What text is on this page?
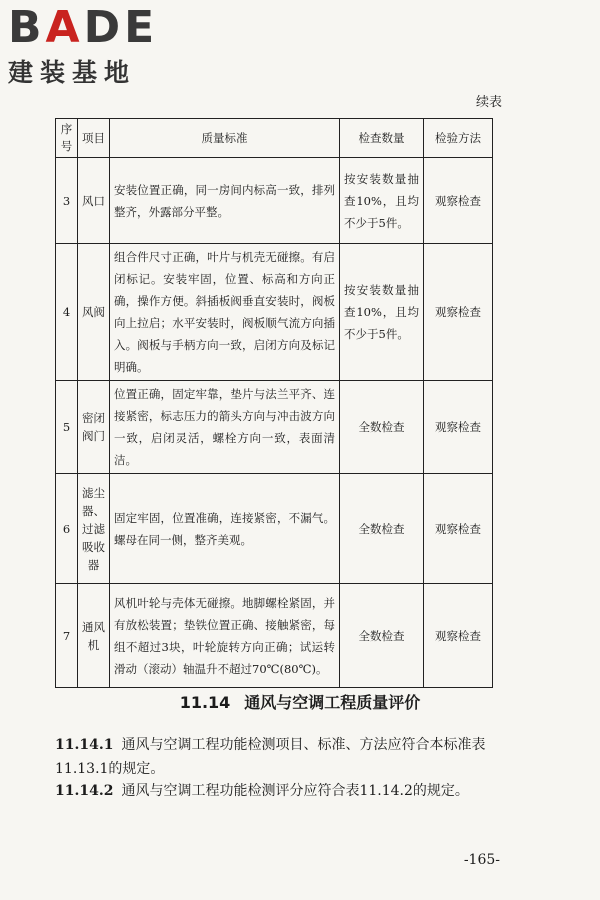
BADE
建装基地
续表
序号	项目	质量标准	检查数量	检验方法
3	风口	安装位置正确，同一房间内标高一致，排列整齐，外露部分平整。	按安装数量抽查10%，且均不少于5件。	观察检查
4	风阀	组合件尺寸正确，叶片与机壳无碰擦。有启闭标记。安装牢固，位置、标高和方向正确，操作方便。斜插板阀垂直安装时，阀板向上拉启；水平安装时，阀板顺气流方向插入。阀板与手柄方向一致，启闭方向及标记明确。	按安装数量抽查10%，且均不少于5件。	观察检查
5	密闭阀门	位置正确，固定牢靠，垫片与法兰平齐、连接紧密，标志压力的箭头方向与冲击波方向一致，启闭灵活，螺栓方向一致，表面清洁。	全数检查	观察检查
6	滤尘器、过滤吸收器	固定牢固，位置准确，连接紧密，不漏气。螺母在同一侧，整齐美观。	全数检查	观察检查
7	通风机	风机叶轮与壳体无碰擦。地脚螺栓紧固，并有放松装置；垫铁位置正确、接触紧密，每组不超过3块，叶轮旋转方向正确；试运转滑动（滚动）轴温升不超过70℃(80℃)。	全数检查	观察检查
11.14 通风与空调工程质量评价
11.14.1 通风与空调工程功能检测项目、标准、方法应符合本标准表11.13.1的规定。
11.14.2 通风与空调工程功能检测评分应符合表11.14.2的规定。
-165-
